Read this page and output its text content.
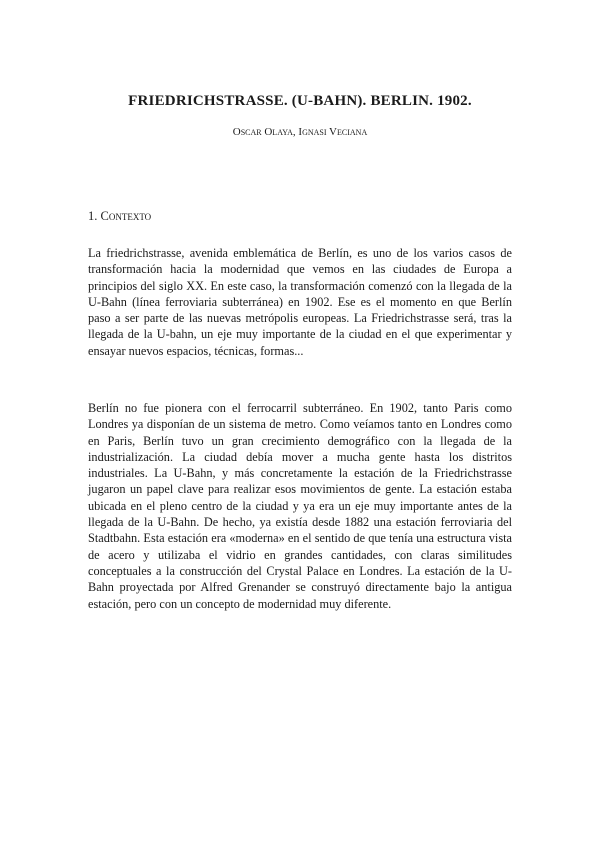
FRIEDRICHSTRASSE. (U-BAHN). BERLIN. 1902.

Oscar Olaya, Ignasi Veciana

1. Contexto

La friedrichstrasse, avenida emblemática de Berlín, es uno de los varios casos de transformación hacia la modernidad que vemos en las ciudades de Europa a principios del siglo XX. En este caso, la transformación comenzó con la llegada de la U-Bahn (línea ferroviaria subterránea) en 1902. Ese es el momento en que Berlín paso a ser parte de las nuevas metrópolis europeas. La Friedrichstrasse será, tras la llegada de la U-bahn, un eje muy importante de la ciudad en el que experimentar y ensayar nuevos espacios, técnicas, formas...

Berlín no fue pionera con el ferrocarril subterráneo. En 1902, tanto Paris como Londres ya disponían de un sistema de metro. Como veíamos tanto en Londres como en Paris, Berlín tuvo un gran crecimiento demográfico con la llegada de la industrialización. La ciudad debía mover a mucha gente hasta los distritos industriales. La U-Bahn, y más concretamente la estación de la Friedrichstrasse jugaron un papel clave para realizar esos movimientos de gente. La estación estaba ubicada en el pleno centro de la ciudad y ya era un eje muy importante antes de la llegada de la U-Bahn. De hecho, ya existía desde 1882 una estación ferroviaria del Stadtbahn. Esta estación era «moderna» en el sentido de que tenía una estructura vista de acero y utilizaba el vidrio en grandes cantidades, con claras similitudes conceptuales a la construcción del Crystal Palace en Londres. La estación de la U-Bahn proyectada por Alfred Grenander se construyó directamente bajo la antigua estación, pero con un concepto de modernidad muy diferente.
